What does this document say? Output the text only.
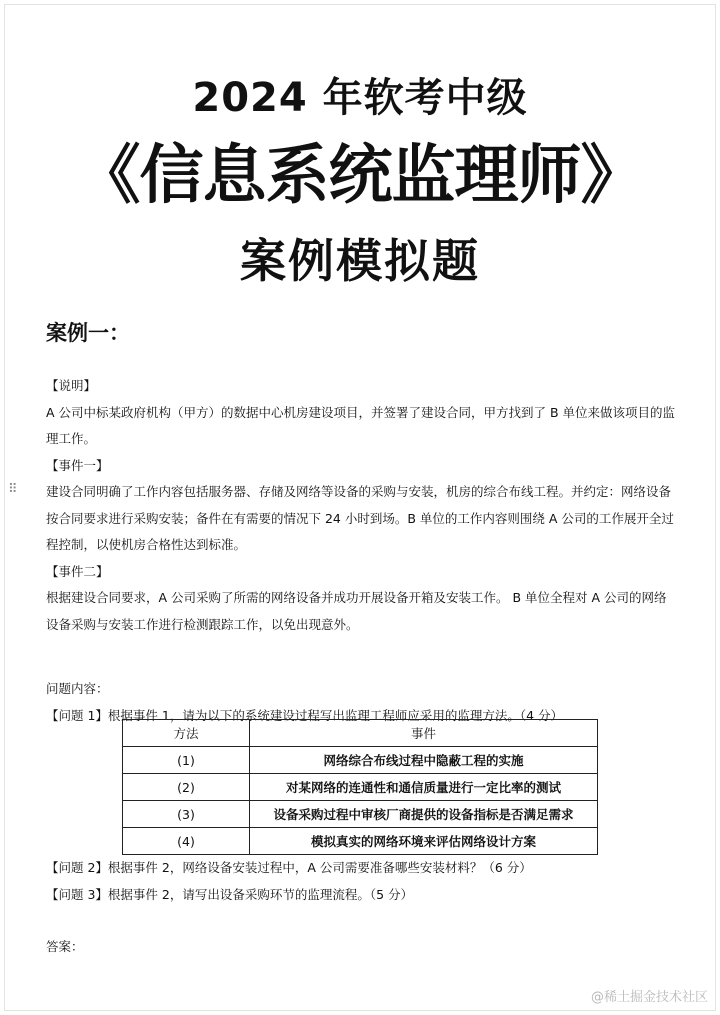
2024 年软考中级
《信息系统监理师》
案例模拟题
案例一：
⠿

【说明】

A 公司中标某政府机构（甲方）的数据中心机房建设项目，并签署了建设合同，甲方找到了 B 单位来做该项目的监理工作。

【事件一】

建设合同明确了工作内容包括服务器、存储及网络等设备的采购与安装，机房的综合布线工程。并约定：网络设备按合同要求进行采购安装；备件在有需要的情况下 24 小时到场。B 单位的工作内容则围绕 A 公司的工作展开全过程控制，以使机房合格性达到标准。

【事件二】

根据建设合同要求，A 公司采购了所需的网络设备并成功开展设备开箱及安装工作。 B 单位全程对 A 公司的网络设备采购与安装工作进行检测跟踪工作，以免出现意外。

问题内容：

【问题 1】根据事件 1，请为以下的系统建设过程写出监理工程师应采用的监理方法。（4 分）

方法	事件
(1)	网络综合布线过程中隐蔽工程的实施
(2)	对某网络的连通性和通信质量进行一定比率的测试
(3)	设备采购过程中审核厂商提供的设备指标是否满足需求
(4)	模拟真实的网络环境来评估网络设计方案

【问题 2】根据事件 2，网络设备安装过程中，A 公司需要准备哪些安装材料？（6 分）

【问题 3】根据事件 2，请写出设备采购环节的监理流程。（5 分）

答案：
@稀土掘金技术社区
